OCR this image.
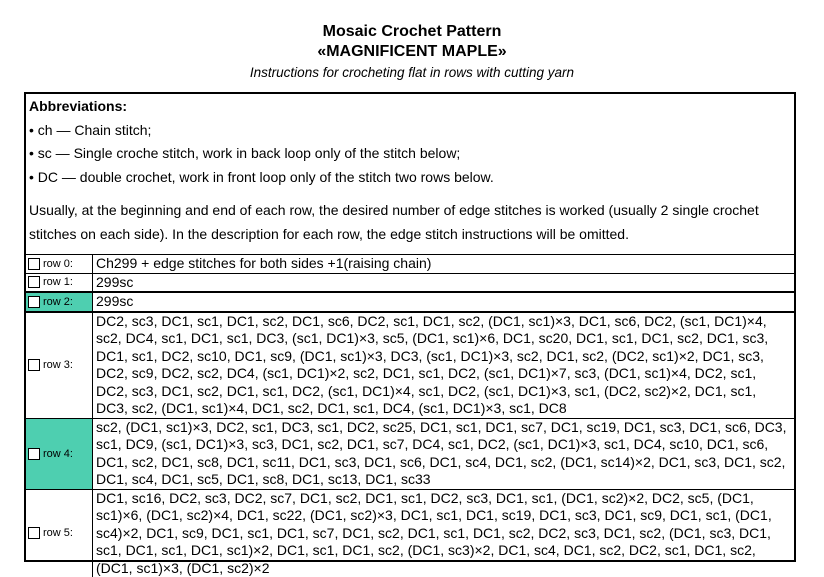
Mosaic Crochet Pattern
«MAGNIFICENT MAPLE»
Instructions for crocheting flat in rows with cutting yarn
Abbreviations:
• ch — Chain stitch;
• sc — Single croche stitch, work in back loop only of the stitch below;
• DC — double crochet, work in front loop only of the stitch two rows below.
Usually, at the beginning and end of each row, the desired number of edge stitches is worked (usually 2 single crochet stitches on each side). In the description for each row, the edge stitch instructions will be omitted.
row 0: Ch299 + edge stitches for both sides +1(raising chain)
row 1: 299sc
row 2: 299sc
row 3:
DC2, sc3, DC1, sc1, DC1, sc2, DC1, sc6, DC2, sc1, DC1, sc2, (DC1, sc1)×3, DC1, sc6, DC2, (sc1, DC1)×4, sc2, DC4, sc1, DC1, sc1, DC3, (sc1, DC1)×3, sc5, (DC1, sc1)×6, DC1, sc20, DC1, sc1, DC1, sc2, DC1, sc3, DC1, sc1, DC2, sc10, DC1, sc9, (DC1, sc1)×3, DC3, (sc1, DC1)×3, sc2, DC1, sc2, (DC2, sc1)×2, DC1, sc3, DC2, sc9, DC2, sc2, DC4, (sc1, DC1)×2, sc2, DC1, sc1, DC2, (sc1, DC1)×7, sc3, (DC1, sc1)×4, DC2, sc1, DC2, sc3, DC1, sc2, DC1, sc1, DC2, (sc1, DC1)×4, sc1, DC2, (sc1, DC1)×3, sc1, (DC2, sc2)×2, DC1, sc1, DC3, sc2, (DC1, sc1)×4, DC1, sc2, DC1, sc1, DC4, (sc1, DC1)×3, sc1, DC8
row 4:
sc2, (DC1, sc1)×3, DC2, sc1, DC3, sc1, DC2, sc25, DC1, sc1, DC1, sc7, DC1, sc19, DC1, sc3, DC1, sc6, DC3, sc1, DC9, (sc1, DC1)×3, sc3, DC1, sc2, DC1, sc7, DC4, sc1, DC2, (sc1, DC1)×3, sc1, DC4, sc10, DC1, sc6, DC1, sc2, DC1, sc8, DC1, sc11, DC1, sc3, DC1, sc6, DC1, sc4, DC1, sc2, (DC1, sc14)×2, DC1, sc3, DC1, sc2, DC1, sc4, DC1, sc5, DC1, sc8, DC1, sc13, DC1, sc33
row 5:
DC1, sc16, DC2, sc3, DC2, sc7, DC1, sc2, DC1, sc1, DC2, sc3, DC1, sc1, (DC1, sc2)×2, DC2, sc5, (DC1, sc1)×6, (DC1, sc2)×4, DC1, sc22, (DC1, sc2)×3, DC1, sc1, DC1, sc19, DC1, sc3, DC1, sc9, DC1, sc1, (DC1, sc4)×2, DC1, sc9, DC1, sc1, DC1, sc7, DC1, sc2, DC1, sc1, DC1, sc2, DC2, sc3, DC1, sc2, (DC1, sc3, DC1, sc1, DC1, sc1, DC1, sc1)×2, DC1, sc1, DC1, sc2, (DC1, sc3)×2, DC1, sc4, DC1, sc2, DC2, sc1, DC1, sc2, (DC1, sc1)×3, (DC1, sc2)×2
